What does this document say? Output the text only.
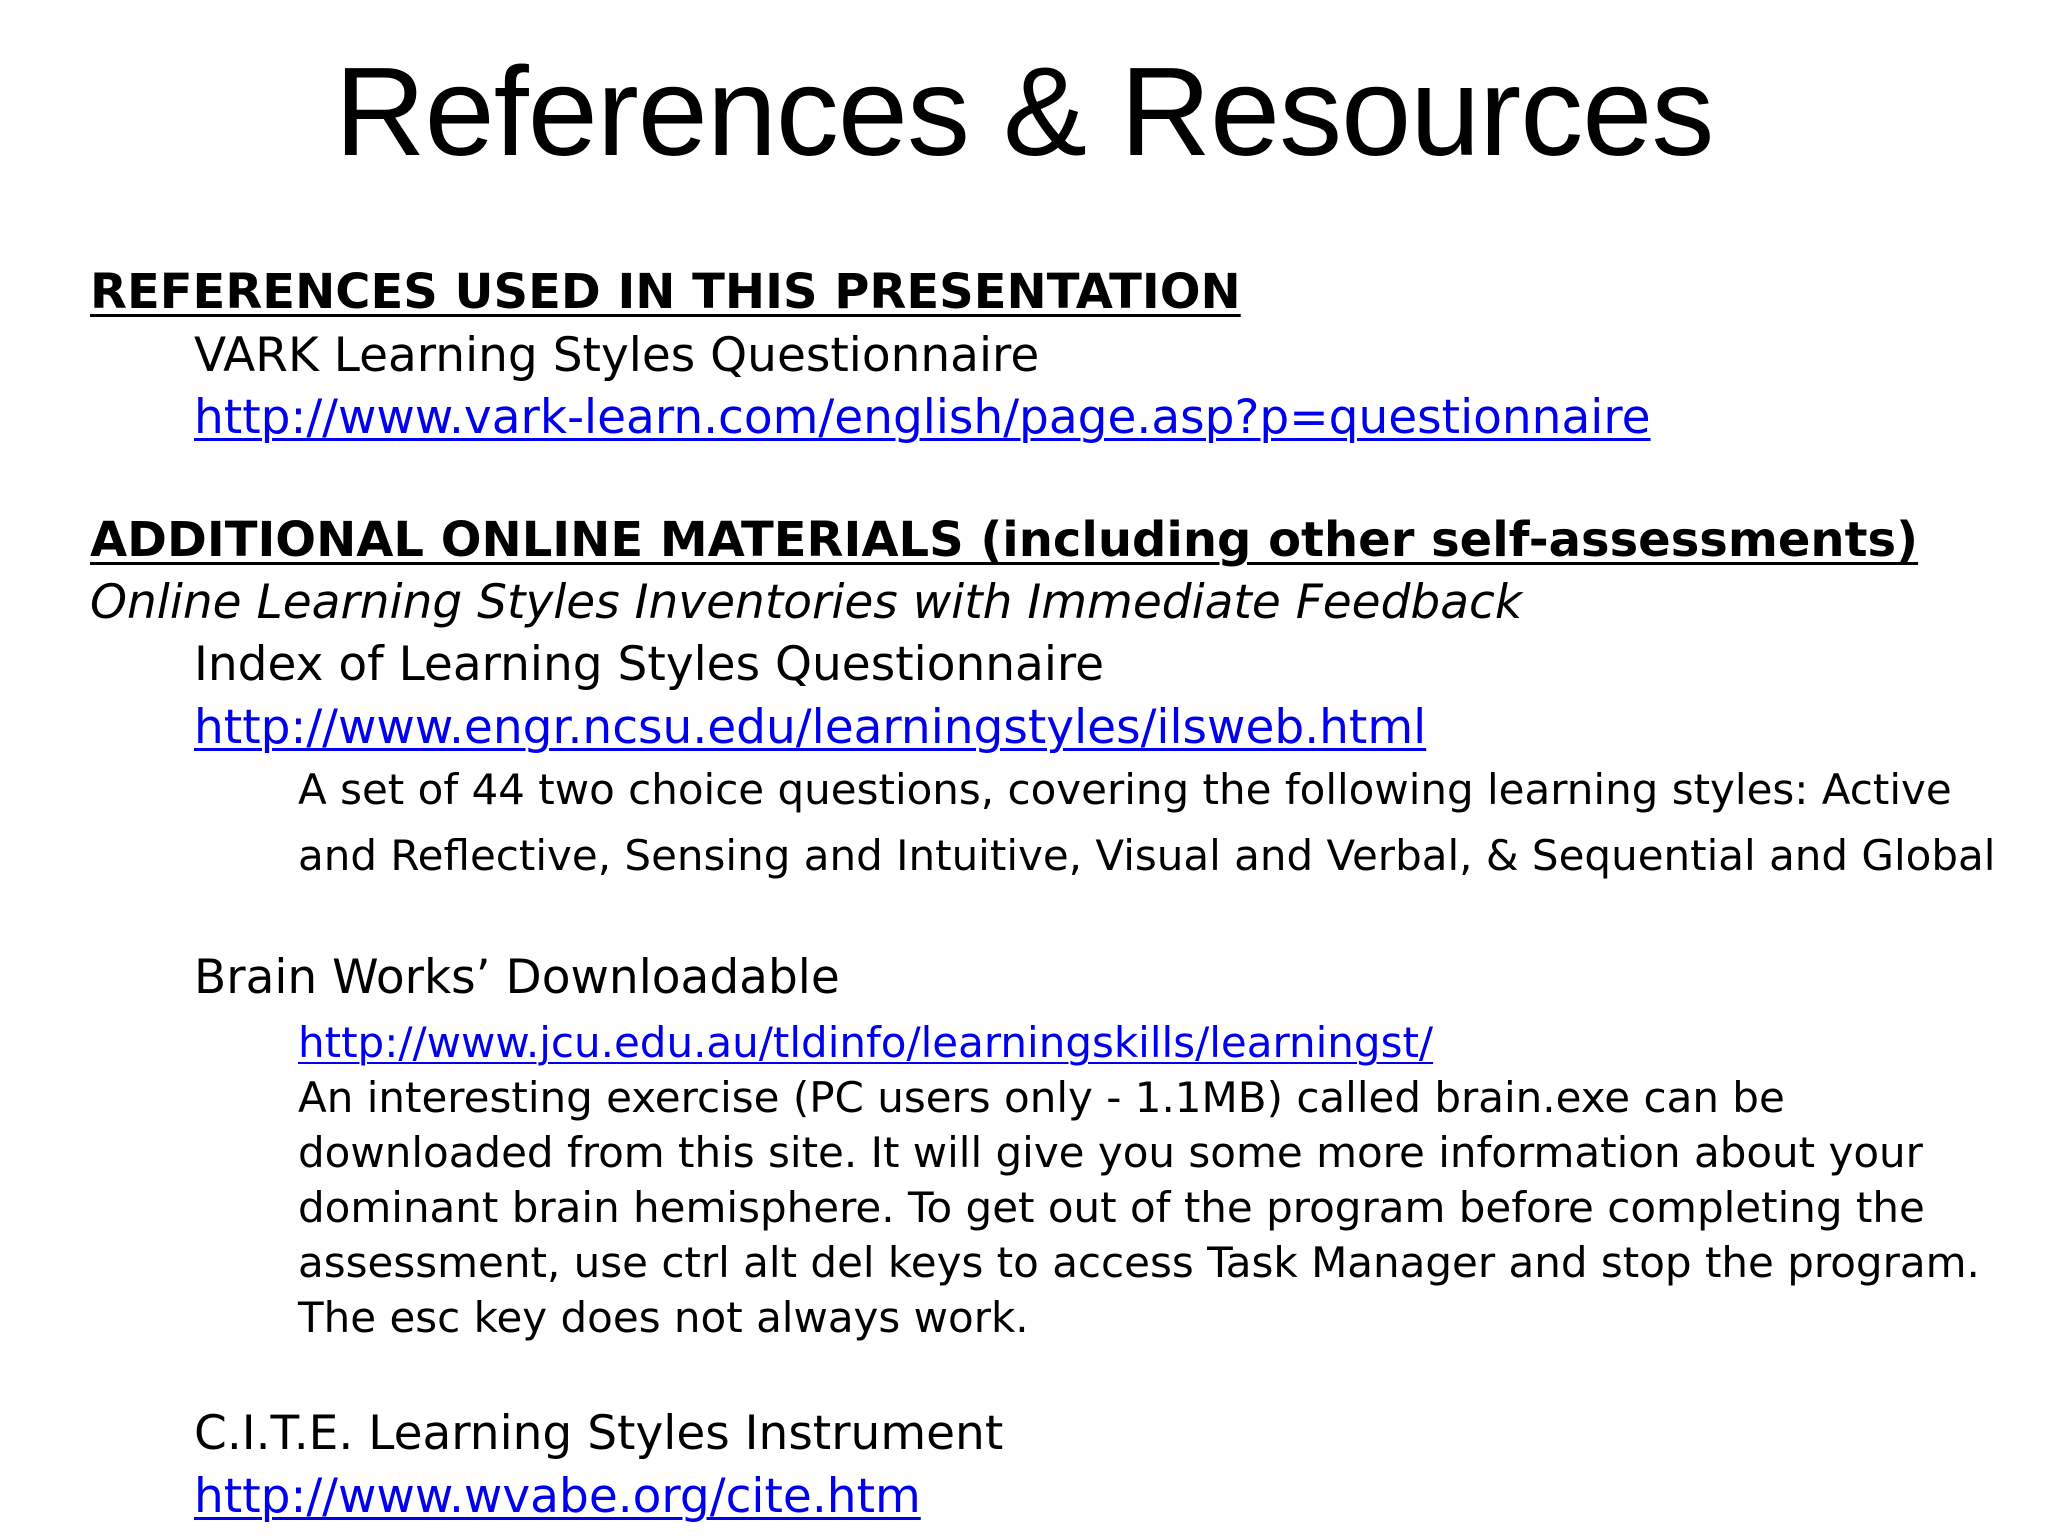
References & Resources
REFERENCES USED IN THIS PRESENTATION
VARK Learning Styles Questionnaire
http://www.vark-learn.com/english/page.asp?p=questionnaire
ADDITIONAL ONLINE MATERIALS (including other self-assessments)
Online Learning Styles Inventories with Immediate Feedback
Index of Learning Styles Questionnaire
http://www.engr.ncsu.edu/learningstyles/ilsweb.html
A set of 44 two choice questions, covering the following learning styles: Active
and Reflective, Sensing and Intuitive, Visual and Verbal, & Sequential and Global
Brain Works’ Downloadable
http://www.jcu.edu.au/tldinfo/learningskills/learningst/
An interesting exercise (PC users only - 1.1MB) called brain.exe can be
downloaded from this site. It will give you some more information about your
dominant brain hemisphere. To get out of the program before completing the
assessment, use ctrl alt del keys to access Task Manager and stop the program.
The esc key does not always work.
C.I.T.E. Learning Styles Instrument
http://www.wvabe.org/cite.htm
